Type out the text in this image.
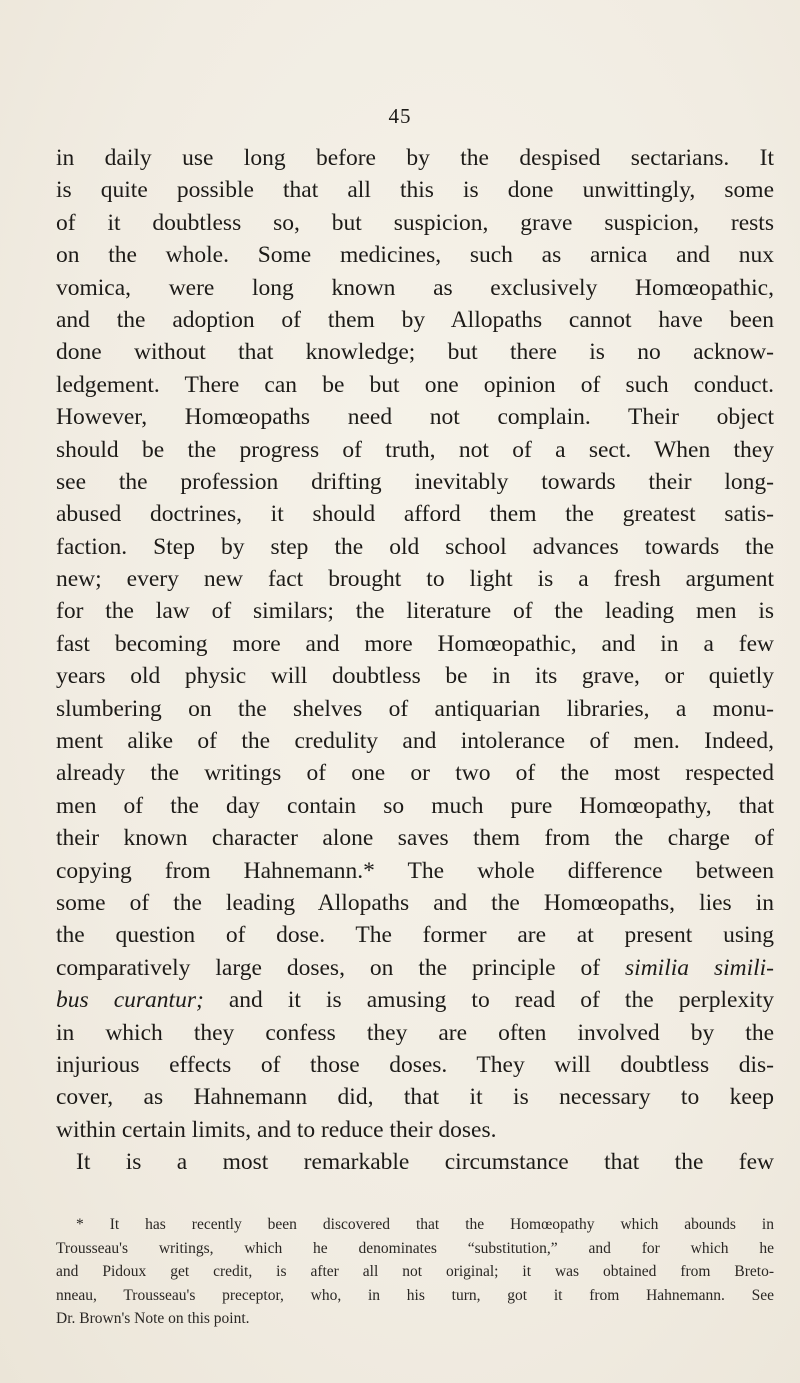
45
in daily use long before by the despised sectarians. It
is quite possible that all this is done unwittingly, some
of it doubtless so, but suspicion, grave suspicion, rests
on the whole. Some medicines, such as arnica and nux
vomica, were long known as exclusively Homœopathic,
and the adoption of them by Allopaths cannot have been
done without that knowledge; but there is no acknow-
ledgement. There can be but one opinion of such conduct.
However, Homœopaths need not complain. Their object
should be the progress of truth, not of a sect. When they
see the profession drifting inevitably towards their long-
abused doctrines, it should afford them the greatest satis-
faction. Step by step the old school advances towards the
new; every new fact brought to light is a fresh argument
for the law of similars; the literature of the leading men is
fast becoming more and more Homœopathic, and in a few
years old physic will doubtless be in its grave, or quietly
slumbering on the shelves of antiquarian libraries, a monu-
ment alike of the credulity and intolerance of men. Indeed,
already the writings of one or two of the most respected
men of the day contain so much pure Homœopathy, that
their known character alone saves them from the charge of
copying from Hahnemann.* The whole difference between
some of the leading Allopaths and the Homœopaths, lies in
the question of dose. The former are at present using
comparatively large doses, on the principle of similia simili-
bus curantur; and it is amusing to read of the perplexity
in which they confess they are often involved by the
injurious effects of those doses. They will doubtless dis-
cover, as Hahnemann did, that it is necessary to keep
within certain limits, and to reduce their doses.
It is a most remarkable circumstance that the few
* It has recently been discovered that the Homœopathy which abounds in
Trousseau's writings, which he denominates “substitution,” and for which he
and Pidoux get credit, is after all not original; it was obtained from Breto-
nneau, Trousseau's preceptor, who, in his turn, got it from Hahnemann. See
Dr. Brown's Note on this point.
